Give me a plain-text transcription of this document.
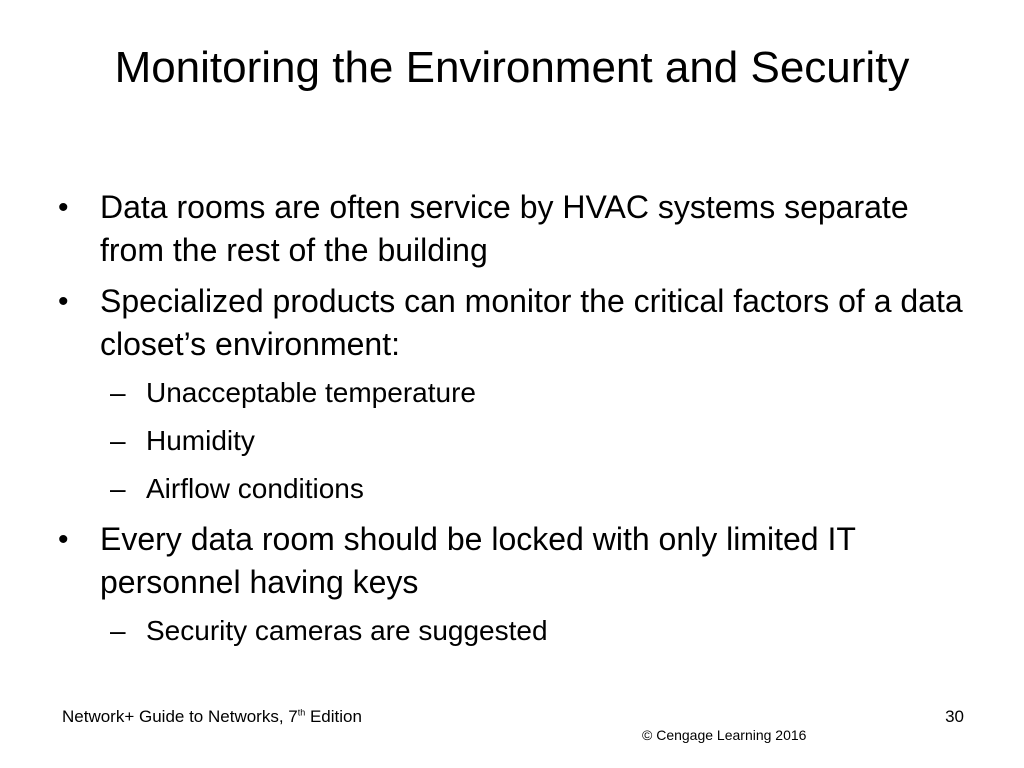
Monitoring the Environment and Security
• Data rooms are often service by HVAC systems separate from the rest of the building
• Specialized products can monitor the critical factors of a data closet’s environment:
– Unacceptable temperature
– Humidity
– Airflow conditions
• Every data room should be locked with only limited IT personnel having keys
– Security cameras are suggested
Network+ Guide to Networks, 7th Edition
© Cengage Learning 2016
30
